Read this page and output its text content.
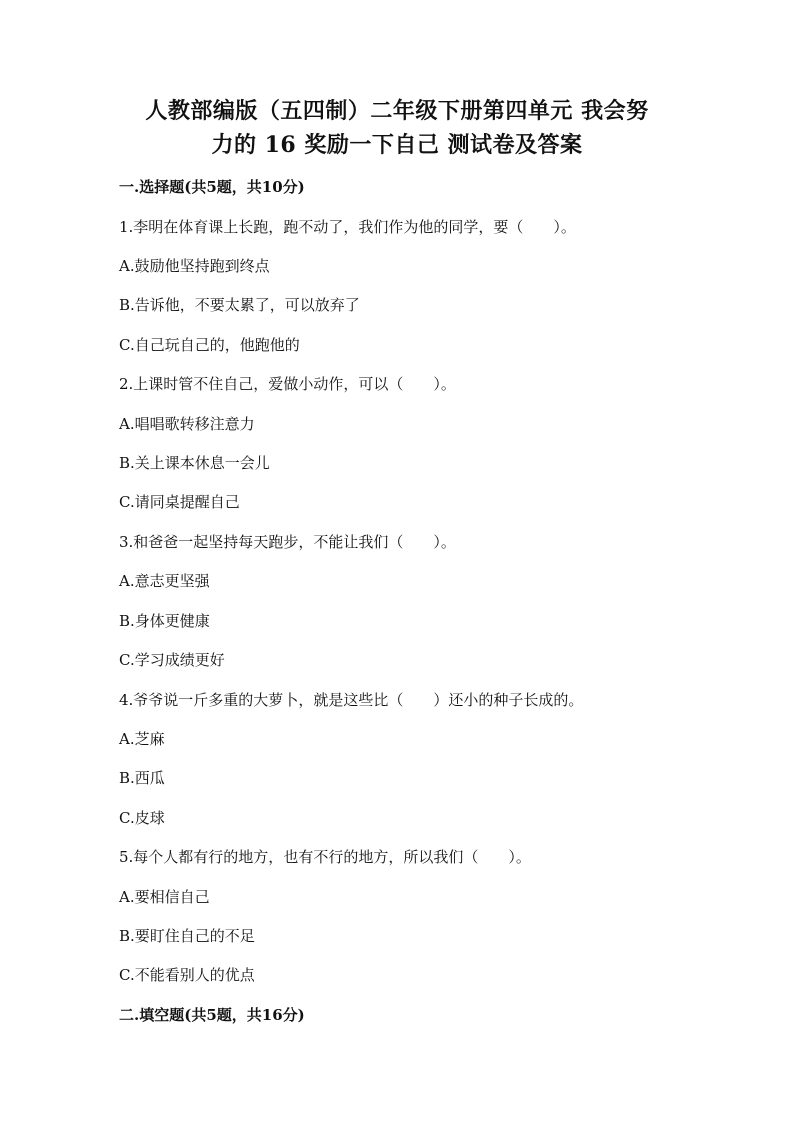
人教部编版（五四制）二年级下册第四单元 我会努
力的 16 奖励一下自己 测试卷及答案
一.选择题(共5题，共10分)
1.李明在体育课上长跑，跑不动了，我们作为他的同学，要（　　）。
A.鼓励他坚持跑到终点
B.告诉他，不要太累了，可以放弃了
C.自己玩自己的，他跑他的
2.上课时管不住自己，爱做小动作，可以（　　）。
A.唱唱歌转移注意力
B.关上课本休息一会儿
C.请同桌提醒自己
3.和爸爸一起坚持每天跑步，不能让我们（　　）。
A.意志更坚强
B.身体更健康
C.学习成绩更好
4.爷爷说一斤多重的大萝卜，就是这些比（　　）还小的种子长成的。
A.芝麻
B.西瓜
C.皮球
5.每个人都有行的地方，也有不行的地方，所以我们（　　）。
A.要相信自己
B.要盯住自己的不足
C.不能看别人的优点
二.填空题(共5题，共16分)
